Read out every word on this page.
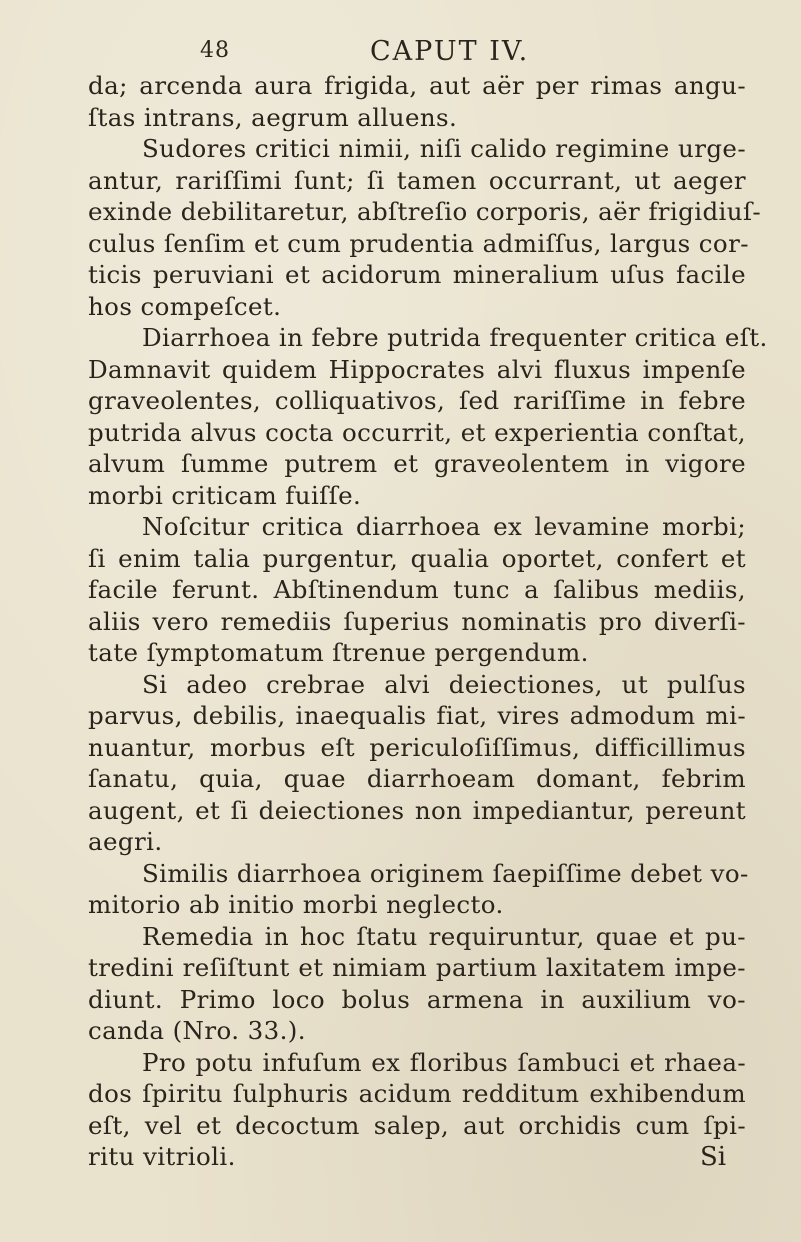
48	CAPUT IV.
da; arcenda aura frigida, aut aër per rimas angu-
ſtas intrans, aegrum alluens.
Sudores critici nimii, niſi calido regimine urge-
antur, rariſſimi ſunt; ſi tamen occurrant, ut aeger
exinde debilitaretur, abſtreſio corporis, aër frigidiuſ-
culus ſenſim et cum prudentia admiſſus, largus cor-
ticis peruviani et acidorum mineralium uſus facile
hos compeſcet.
Diarrhoea in febre putrida frequenter critica eſt.
Damnavit quidem Hippocrates alvi fluxus impenſe
graveolentes, colliquativos, ſed rariſſime in febre
putrida alvus cocta occurrit, et experientia conſtat,
alvum ſumme putrem et graveolentem in vigore
morbi criticam fuiſſe.
Noſcitur critica diarrhoea ex levamine morbi;
ſi enim talia purgentur, qualia oportet, confert et
facile ferunt. Abſtinendum tunc a ſalibus mediis,
aliis vero remediis ſuperius nominatis pro diverſi-
tate ſymptomatum ſtrenue pergendum.
Si adeo crebrae alvi deiectiones, ut pulſus
parvus, debilis, inaequalis fiat, vires admodum mi-
nuantur, morbus eſt periculoſiſſimus, difficillimus
ſanatu, quia, quae diarrhoeam domant, febrim
augent, et ſi deiectiones non impediantur, pereunt
aegri.
Similis diarrhoea originem ſaepiſſime debet vo-
mitorio ab initio morbi neglecto.
Remedia in hoc ſtatu requiruntur, quae et pu-
tredini reſiſtunt et nimiam partium laxitatem impe-
diunt. Primo loco bolus armena in auxilium vo-
canda (Nro. 33.).
Pro potu infuſum ex floribus ſambuci et rhaea-
dos ſpiritu ſulphuris acidum redditum exhibendum
eſt, vel et decoctum salep, aut orchidis cum ſpi-
ritu vitrioli.	Si
